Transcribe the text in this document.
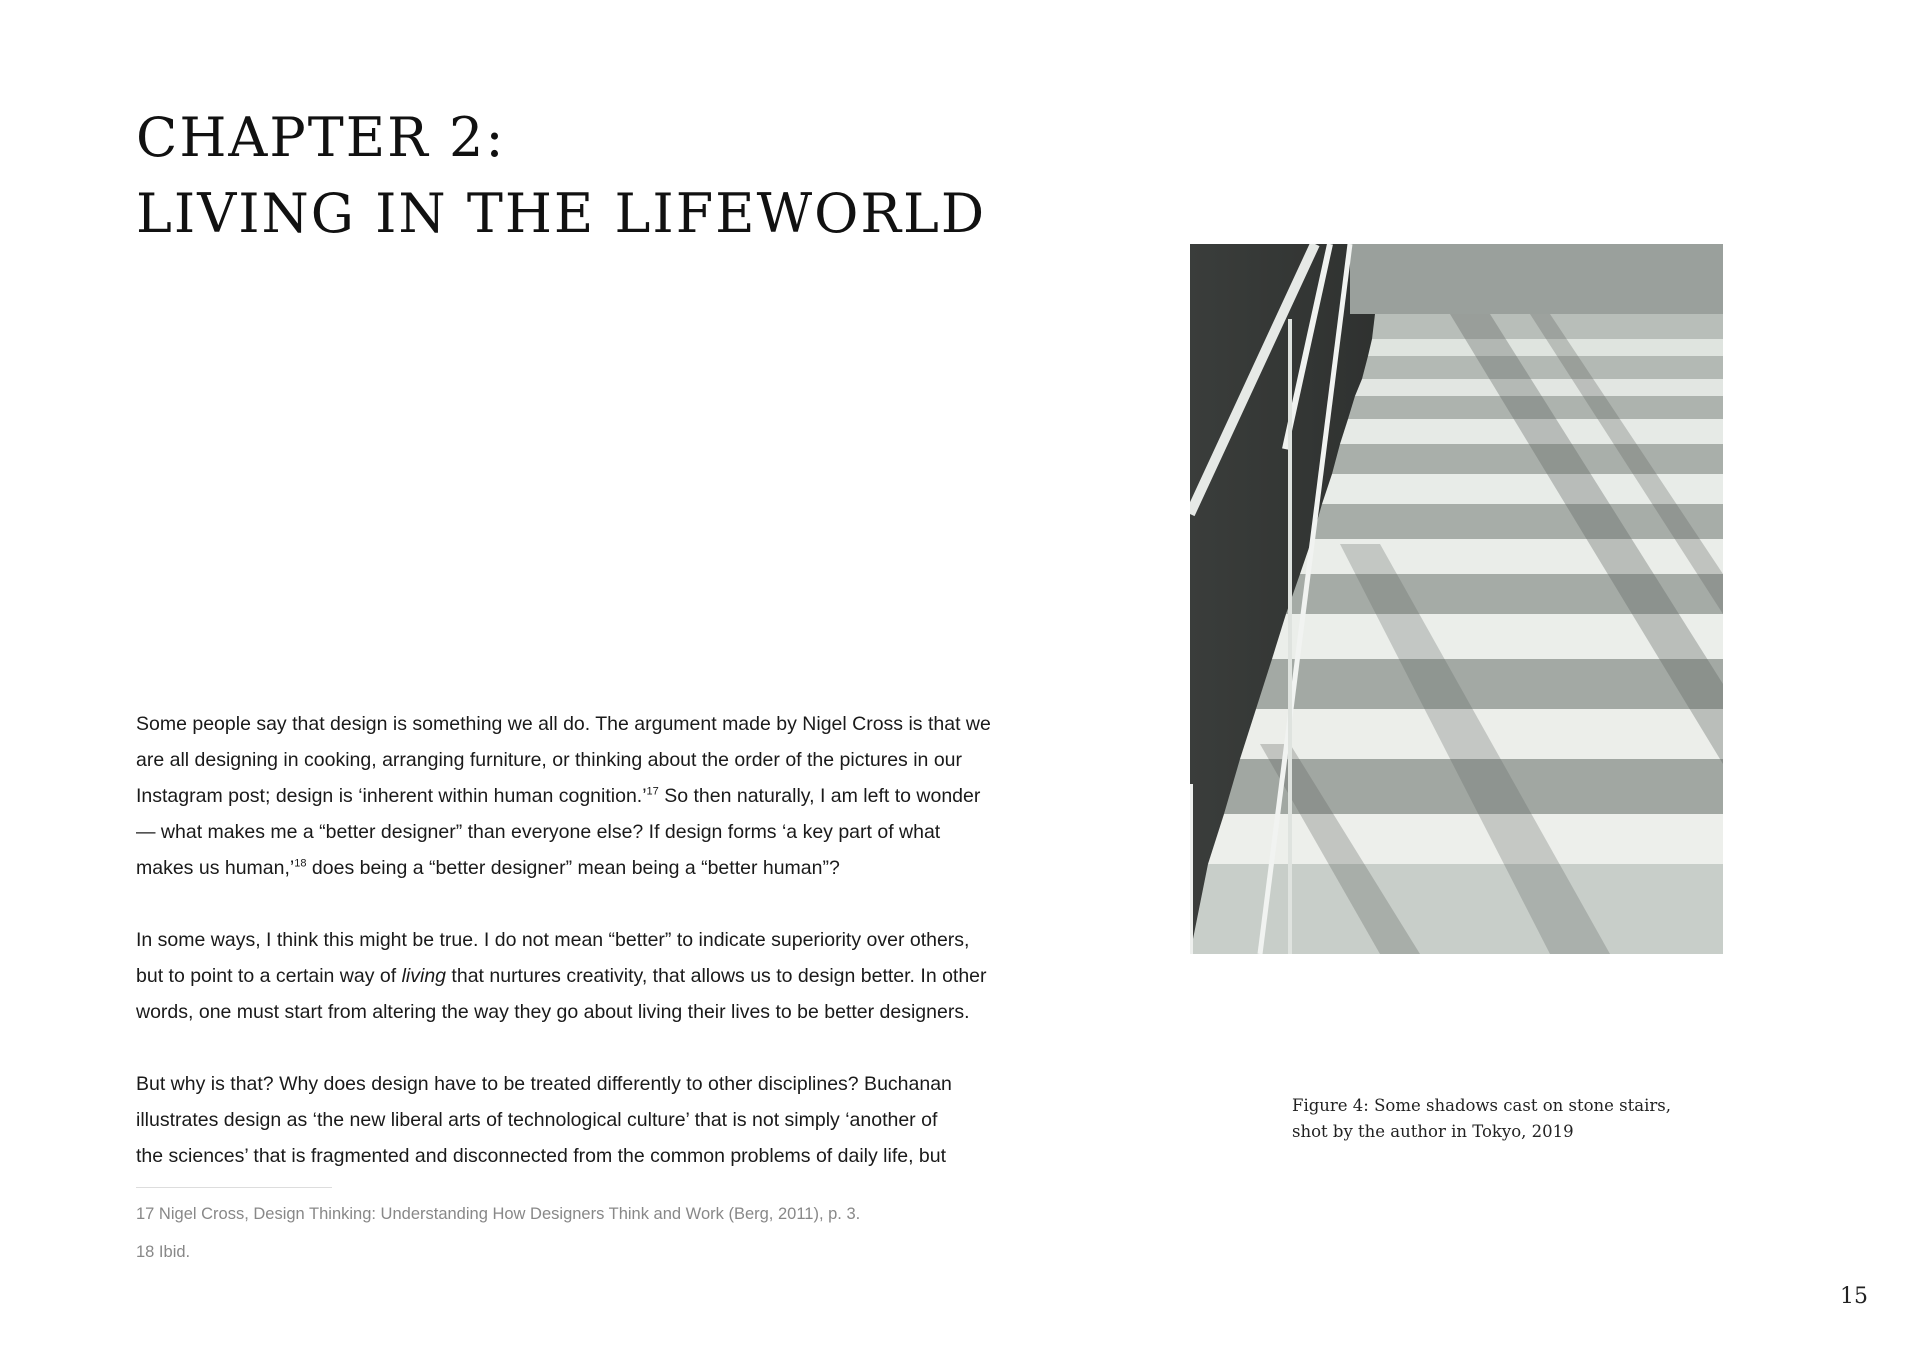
CHAPTER 2:
LIVING IN THE LIFEWORLD

Some people say that design is something we all do. The argument made by Nigel Cross is that we
are all designing in cooking, arranging furniture, or thinking about the order of the pictures in our
Instagram post; design is ‘inherent within human cognition.’$^{17}$ So then naturally, I am left to wonder
— what makes me a “better designer” than everyone else? If design forms ‘a key part of what
makes us human,’$^{18}$ does being a “better designer” mean being a “better human”?

In some ways, I think this might be true. I do not mean “better” to indicate superiority over others,
but to point to a certain way of living that nurtures creativity, that allows us to design better. In other
words, one must start from altering the way they go about living their lives to be better designers.

But why is that? Why does design have to be treated differently to other disciplines? Buchanan
illustrates design as ‘the new liberal arts of technological culture’ that is not simply ‘another of
the sciences’ that is fragmented and disconnected from the common problems of daily life, but

17 Nigel Cross, Design Thinking: Understanding How Designers Think and Work (Berg, 2011), p. 3.
18 Ibid.
Figure 4: Some shadows cast on stone stairs,
shot by the author in Tokyo, 2019
15
